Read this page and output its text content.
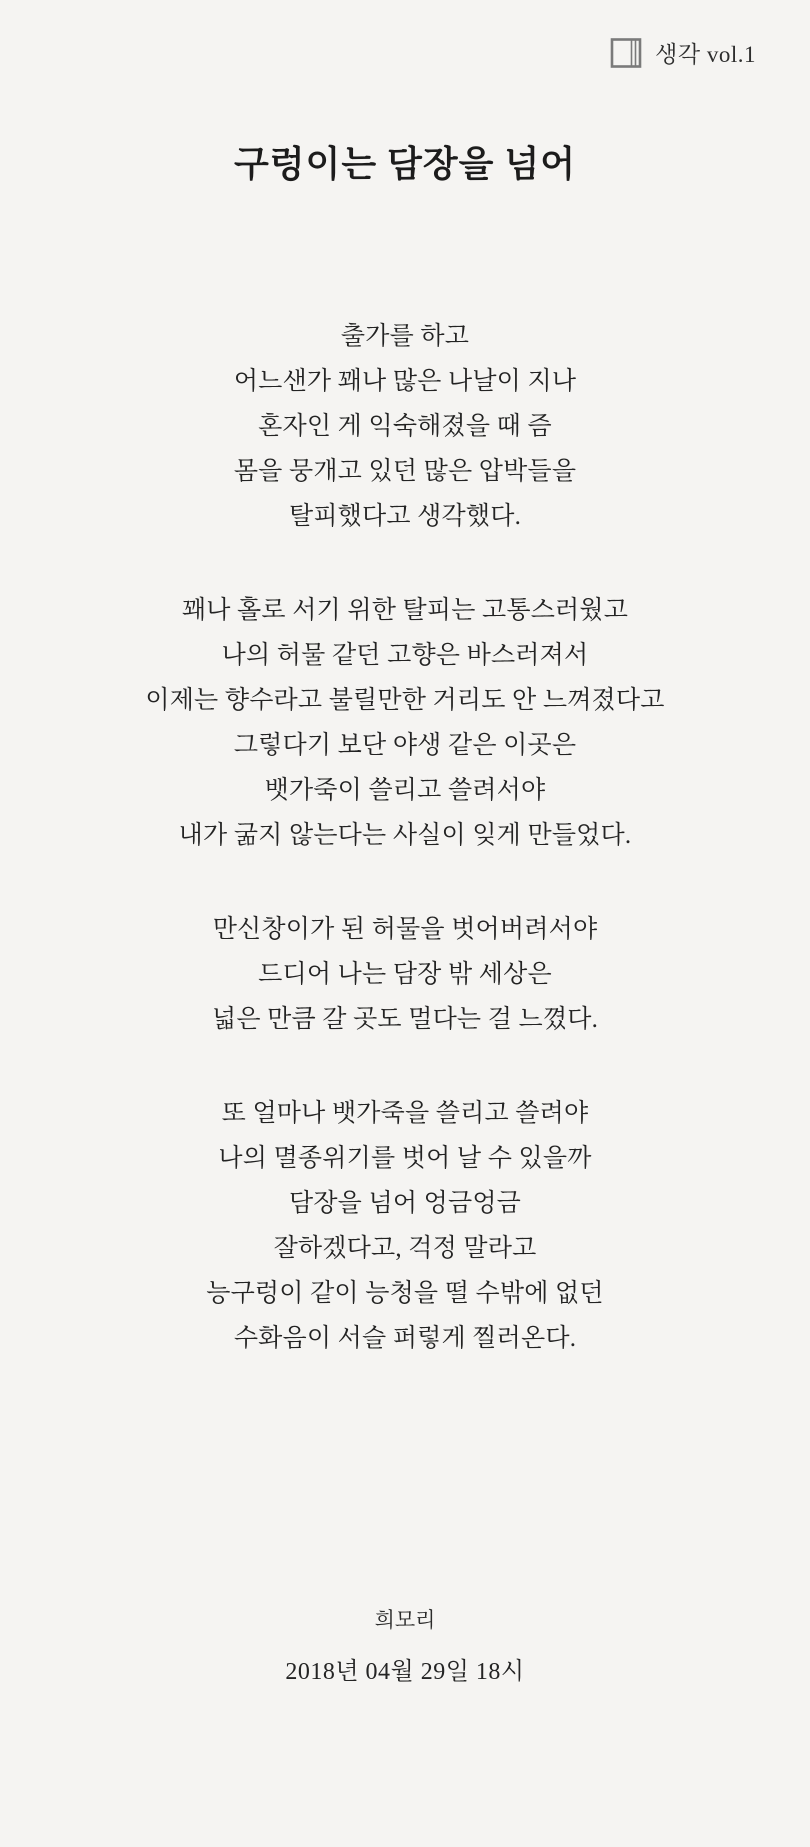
생각 vol.1
구렁이는 담장을 넘어
출가를 하고
어느샌가 꽤나 많은 나날이 지나
혼자인 게 익숙해졌을 때 즘
몸을 뭉개고 있던 많은 압박들을
탈피했다고 생각했다.
꽤나 홀로 서기 위한 탈피는 고통스러웠고
나의 허물 같던 고향은 바스러져서
이제는 향수라고 불릴만한 거리도 안 느껴졌다고
그렇다기 보단 야생 같은 이곳은
뱃가죽이 쓸리고 쓸려서야
내가 굶지 않는다는 사실이 잊게 만들었다.
만신창이가 된 허물을 벗어버려서야
드디어 나는 담장 밖 세상은
넓은 만큼 갈 곳도 멀다는 걸 느꼈다.
또 얼마나 뱃가죽을 쓸리고 쓸려야
나의 멸종위기를 벗어 날 수 있을까
담장을 넘어 엉금엉금
잘하겠다고, 걱정 말라고
능구렁이 같이 능청을 떨 수밖에 없던
수화음이 서슬 퍼렇게 찔러온다.
희모리
2018년 04월 29일 18시
